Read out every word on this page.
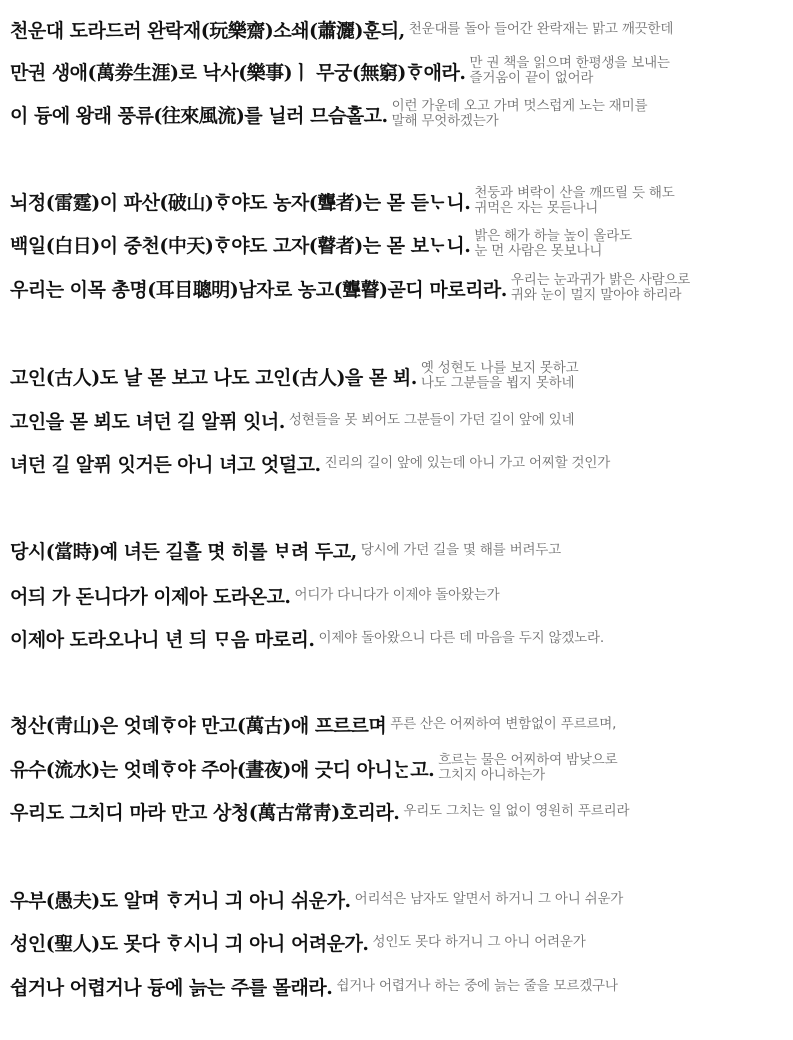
천운대 도라드러 완락재(玩樂齋)소쇄(蕭灑)훈듸, 천운대를 돌아 들어간 완락재는 맑고 깨끗한데
만권 생애(萬劵生涯)로 낙사(樂事)ㅣ 무궁(無窮)ᄒᆞ애라. 만 권 책을 읽으며 한평생을 보내는
즐거움이 끝이 없어라
이 듕에 왕래 풍류(往來風流)를 닐러 므슴홀고. 이런 가운데 오고 가며 멋스럽게 노는 재미를
말해 무엇하겠는가
뇌정(雷霆)이 파산(破山)ᄒᆞ야도 농자(聾者)는 몯 듣ᄂᆞ니. 천둥과 벼락이 산을 깨뜨릴 듯 해도
귀먹은 자는 못듣나니
백일(白日)이 중천(中天)ᄒᆞ야도 고자(瞽者)는 몯 보ᄂᆞ니. 밝은 해가 하늘 높이 올라도
눈 먼 사람은 못보나니
우리는 이목 총명(耳目聰明)남자로 농고(聾瞽)곧디 마로리라. 우리는 눈과귀가 밝은 사람으로
귀와 눈이 멀지 말아야 하리라
고인(古人)도 날 몯 보고 나도 고인(古人)을 몯 뵈. 옛 성현도 나를 보지 못하고
나도 그분들을 뵙지 못하네
고인을 몯 뵈도 녀던 길 알퓌 잇너. 성현들을 못 뵈어도 그분들이 가던 길이 앞에 있네
녀던 길 알퓌 잇거든 아니 녀고 엇덜고. 진리의 길이 앞에 있는데 아니 가고 어찌할 것인가
당시(當時)예 녀든 길흘 몃 히롤 ᄇᆞ려 두고, 당시에 가던 길을 몇 해를 버려두고
어듸 가 돈니다가 이제아 도라온고. 어디가 다니다가 이제야 돌아왔는가
이제아 도라오나니 년 듸 ᄆᆞ음 마로리. 이제야 돌아왔으니 다른 데 마음을 두지 않겠노라.
청산(靑山)은 엇뎨ᄒᆞ야 만고(萬古)애 프르르며 푸른 산은 어찌하여 변함없이 푸르르며,
유수(流水)는 엇뎨ᄒᆞ야 주아(晝夜)애 긋디 아니ᄂᆞᆫ고. 흐르는 물은 어찌하여 밤낮으로
그치지 아니하는가
우리도 그치디 마라 만고 상청(萬古常靑)호리라. 우리도 그치는 일 없이 영원히 푸르리라
우부(愚夫)도 알며 ᄒᆞ거니 긔 아니 쉬운가. 어리석은 남자도 알면서 하거니 그 아니 쉬운가
성인(聖人)도 못다 ᄒᆞ시니 긔 아니 어려운가. 성인도 못다 하거니 그 아니 어려운가
쉽거나 어렵거나 듕에 늙는 주를 몰래라. 쉽거나 어렵거나 하는 중에 늙는 줄을 모르겠구나
